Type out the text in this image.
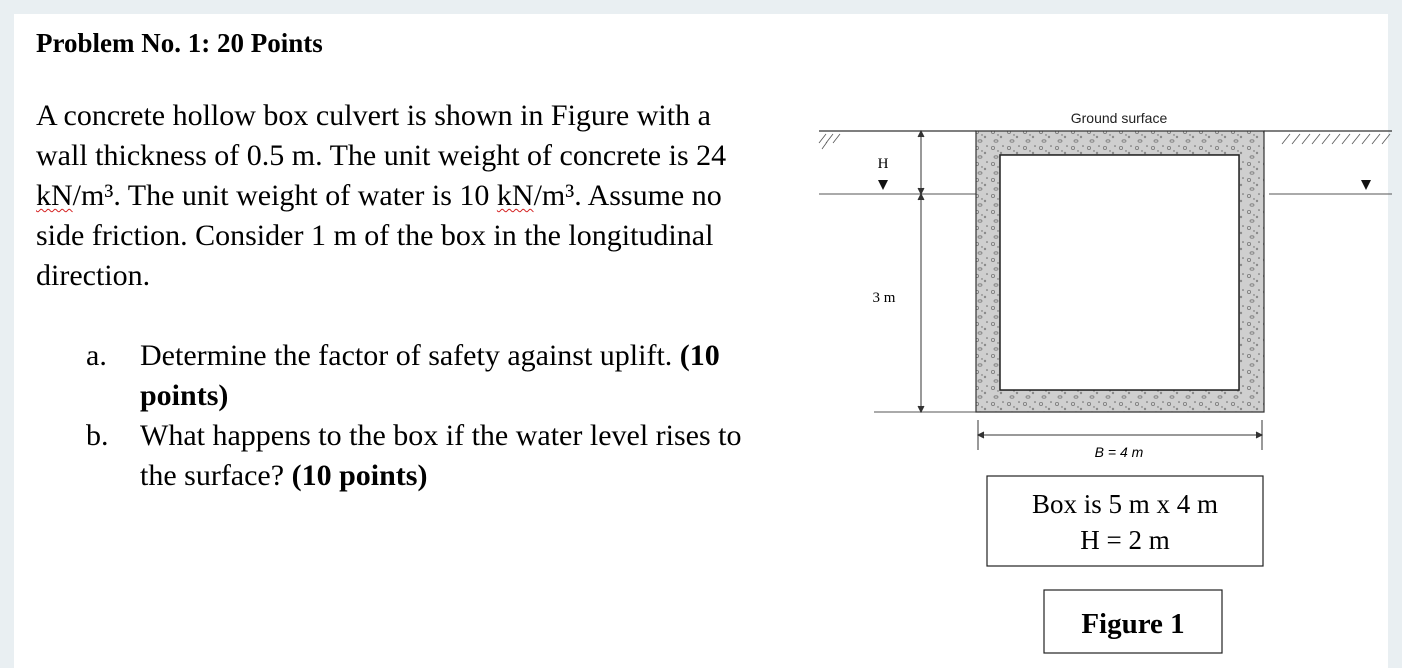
Problem No. 1: 20 Points
A concrete hollow box culvert is shown in Figure with a wall thickness of 0.5 m. The unit weight of concrete is 24 kN/m³. The unit weight of water is 10 kN/m³. Assume no side friction. Consider 1 m of the box in the longitudinal direction.
a.	Determine the factor of safety against uplift. (10 points)
b.	What happens to the box if the water level rises to the surface? (10 points)
Ground surface
H
3 m
B = 4 m
Box is 5 m x 4 m
H = 2 m
Figure 1
